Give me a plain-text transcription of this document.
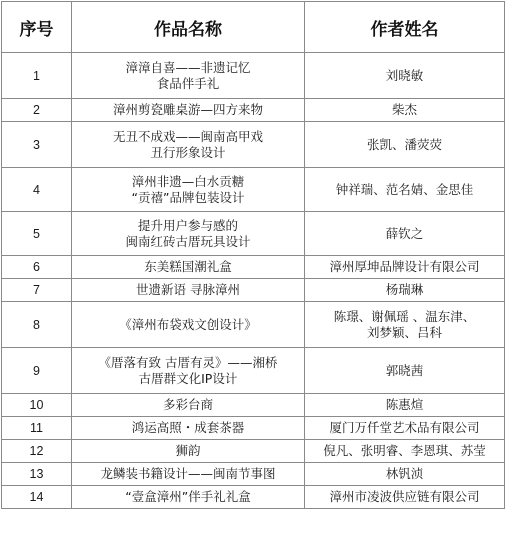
序号	作品名称	作者姓名
1	漳漳自喜——非遗记忆
食品伴手礼	刘晓敏

2	漳州剪瓷雕桌游—四方来物	柴杰

3	无丑不成戏——闽南高甲戏
丑行形象设计	张凯、潘荧荧

4	漳州非遗—白水贡糖
“贡禧”品牌包装设计	钟祥瑞、范名婧、金思佳

5	提升用户参与感的
闽南红砖古厝玩具设计	薛钦之

6	东美糕国潮礼盒	漳州厚坤品牌设计有限公司

7	世遗新语 寻脉漳州	杨瑞琳

8	《漳州布袋戏文创设计》	陈璟、谢佩瑶 、温东津、
刘梦颖、吕科

9	《厝落有致 古厝有灵》——湘桥
古厝群文化IP设计	郭晓茜

10	多彩台商	陈惠煊

11	鸿运高照・成套茶器	厦门万仟堂艺术品有限公司

12	狮韵	倪凡、张明睿、李恩琪、苏莹

13	龙鳞装书籍设计——闽南节事图	林钒浈

14	“壹盒漳州”伴手礼礼盒	漳州市凌波供应链有限公司
